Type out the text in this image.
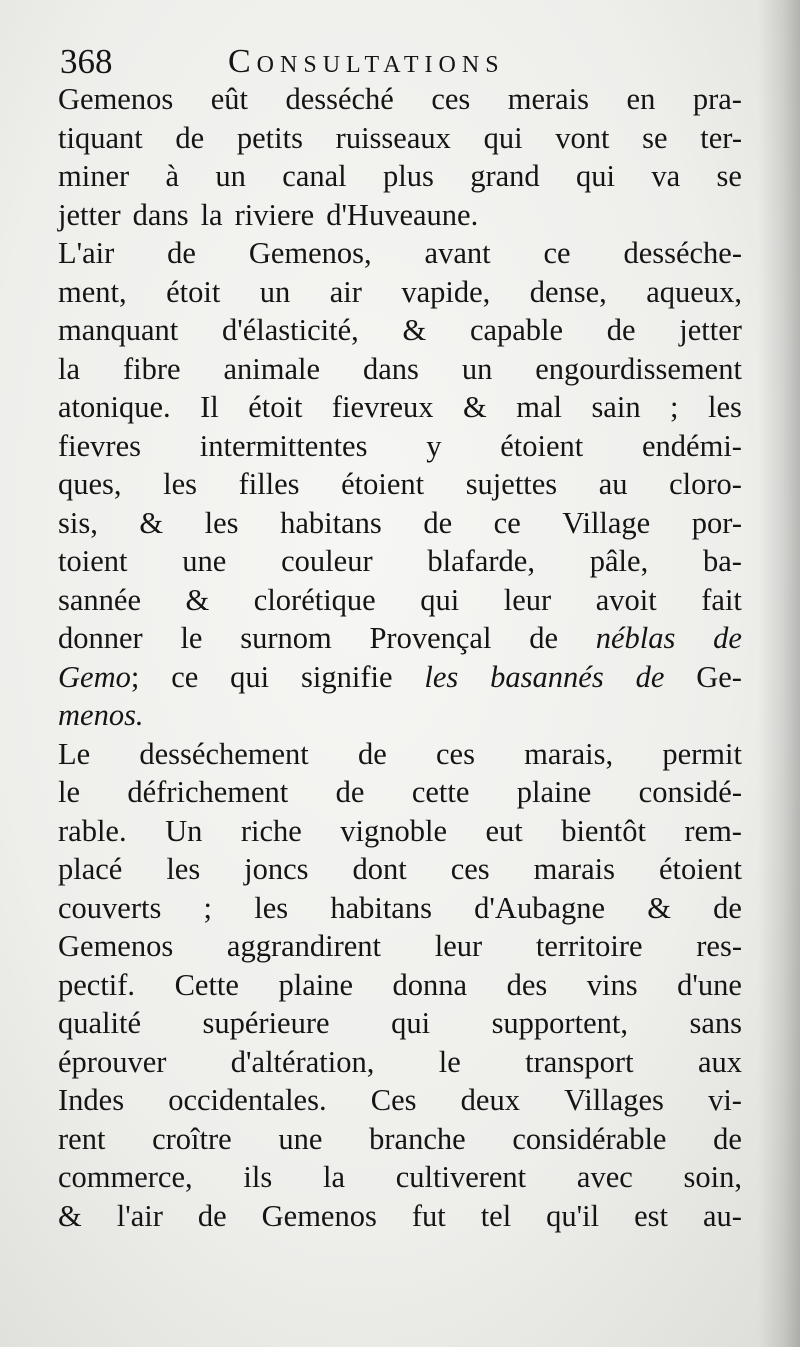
368	Consultations
Gemenos eût desséché ces merais en pra-
tiquant de petits ruisseaux qui vont se ter-
miner à un canal plus grand qui va se
jetter dans la riviere d'Huveaune.
L'air de Gemenos, avant ce desséche-
ment, étoit un air vapide, dense, aqueux,
manquant d'élasticité, & capable de jetter
la fibre animale dans un engourdissement
atonique. Il étoit fievreux & mal sain ; les
fievres intermittentes y étoient endémi-
ques, les filles étoient sujettes au cloro-
sis, & les habitans de ce Village por-
toient une couleur blafarde, pâle, ba-
sannée & clorétique qui leur avoit fait
donner le surnom Provençal de néblas de
Gemo; ce qui signifie les basannés de Ge-
menos.
Le desséchement de ces marais, permit
le défrichement de cette plaine considé-
rable. Un riche vignoble eut bientôt rem-
placé les joncs dont ces marais étoient
couverts ; les habitans d'Aubagne & de
Gemenos aggrandirent leur territoire res-
pectif. Cette plaine donna des vins d'une
qualité supérieure qui supportent, sans
éprouver d'altération, le transport aux
Indes occidentales. Ces deux Villages vi-
rent croître une branche considérable de
commerce, ils la cultiverent avec soin,
& l'air de Gemenos fut tel qu'il est au-
